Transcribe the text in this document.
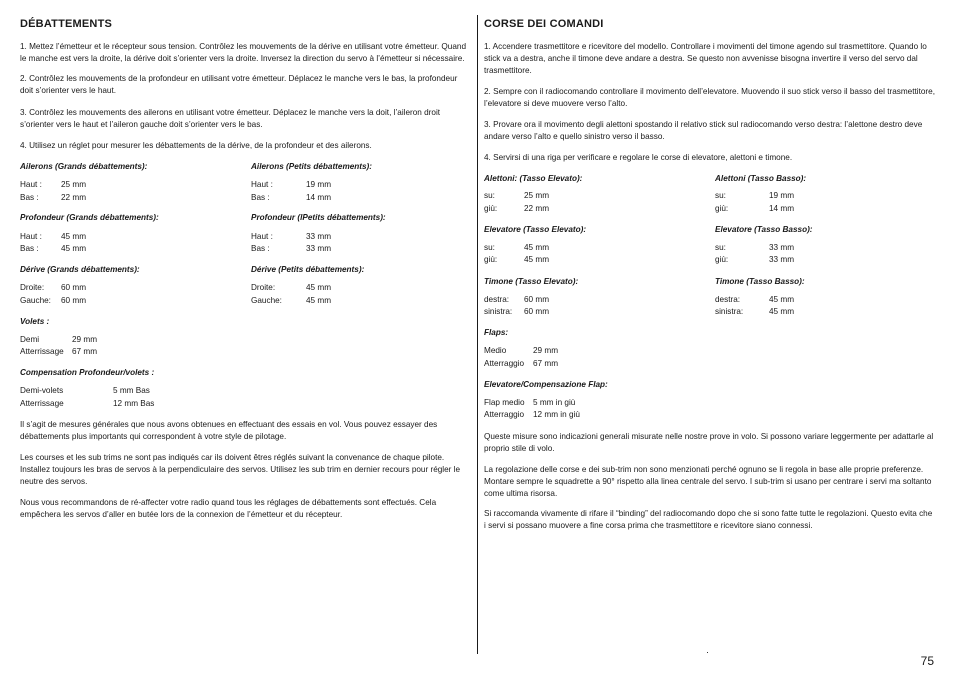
DÉBATTEMENTS
1. Mettez l’émetteur et le récepteur sous tension. Contrôlez les mouvements de la dérive en utilisant votre émetteur. Quand le manche est vers la droite, la dérive doit s’orienter vers la droite. Inversez la direction du servo à l’émetteur si nécessaire.
2. Contrôlez les mouvements de la profondeur en utilisant votre émetteur. Déplacez le manche vers le bas, la profondeur doit s’orienter vers le haut.
3. Contrôlez les mouvements des ailerons en utilisant votre émetteur. Déplacez le manche vers la doit, l’aileron droit s’orienter vers le haut et l’aileron gauche doit s’orienter vers le bas.
4. Utilisez un réglet pour mesurer les débattements de la dérive, de la profondeur et des ailerons.
Ailerons (Grands débattements):
Haut : 25 mm
Bas :	22 mm
Ailerons (Petits débattements):
Haut :	19 mm
Bas :	14 mm
Profondeur (Grands débattements):
Haut : 45 mm
Bas :	45 mm
Profondeur (lPetits débattements):
Haut :	33 mm
Bas :	33 mm
Dérive (Grands débattements):
Droite: 60 mm
Gauche: 60 mm
Dérive (Petits débattements):
Droite:	45 mm
Gauche:	45 mm
Volets :
Demi	29 mm
Atterrissage 67 mm
Compensation Profondeur/volets :
Demi-volets	5 mm Bas
Atterrissage	12 mm Bas
Il s’agit de mesures générales que nous avons obtenues en effectuant des essais en vol. Vous pouvez essayer des débattements plus importants qui correspondent à votre style de pilotage.
Les courses et les sub trims ne sont pas indiqués car ils doivent êtres réglés suivant la convenance de chaque pilote. Installez toujours les bras de servos à la perpendiculaire des servos. Utilisez les sub trim en dernier recours pour régler le neutre des servos.
Nous vous recommandons de ré-affecter votre radio quand tous les réglages de débattements sont effectués. Cela empêchera les servos d’aller en butée lors de la connexion de l’émetteur et du récepteur.
CORSE DEI COMANDI
1. Accendere trasmettitore e ricevitore del modello. Controllare i movimenti del timone agendo sul trasmettitore. Quando lo stick va a destra, anche il timone deve andare a destra. Se questo non avvenisse bisogna invertire il verso del servo dal trasmettitore.
2. Sempre con il radiocomando controllare il movimento dell’elevatore. Muovendo il suo stick verso il basso del trasmettitore, l’elevatore si deve muovere verso l’alto.
3. Provare ora il movimento degli alettoni spostando il relativo stick sul radiocomando verso destra: l’alettone destro deve andare verso l’alto e quello sinistro verso il basso.
4. Servirsi di una riga per verificare e regolare le corse di elevatore, alettoni e timone.
Alettoni: (Tasso Elevato):
su:	25 mm
giù:	22 mm
Alettoni (Tasso Basso):
su:	19 mm
giù:	14 mm
Elevatore (Tasso Elevato):
su:	45 mm
giù:	45 mm
Elevatore (Tasso Basso):
su:	33 mm
giù:	33 mm
Timone (Tasso Elevato):
destra: 60 mm
sinistra: 60 mm
Timone (Tasso Basso):
destra:	45 mm
sinistra:	45 mm
Flaps:
Medio	29 mm
Atterraggio 67 mm
Elevatore/Compensazione Flap:
Flap medio 5 mm in giù
Atterraggio 12 mm in giù
Queste misure sono indicazioni generali misurate nelle nostre prove in volo. Si possono variare leggermente per adattarle al proprio stile di volo.
La regolazione delle corse e dei sub-trim non sono menzionati perché ognuno se li regola in base alle proprie preferenze. Montare sempre le squadrette a 90° rispetto alla linea centrale del servo. I sub-trim si usano per centrare i servi ma soltanto come ultima risorsa.
Si raccomanda vivamente di rifare il “binding” del radiocomando dopo che si sono fatte tutte le regolazioni. Questo evita che i servi si possano muovere a fine corsa prima che trasmettitore e ricevitore siano connessi.
75
